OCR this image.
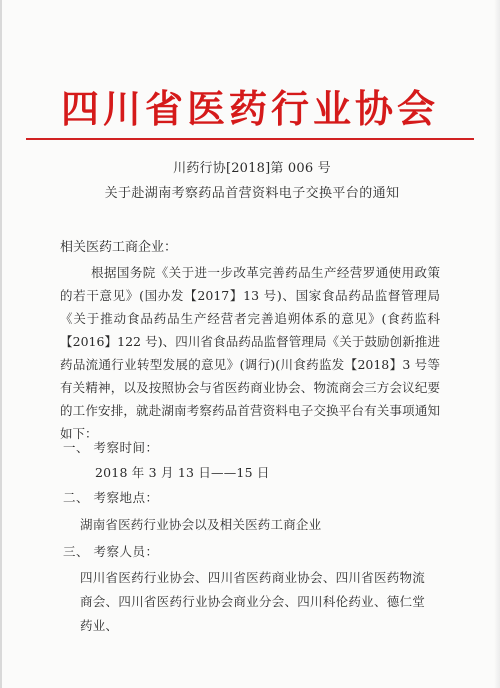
四川省医药行业协会
川药行协[2018]第 006 号
关于赴湖南考察药品首营资料电子交换平台的通知
相关医药工商企业：
根据国务院《关于进一步改革完善药品生产经营罗通使用政策的若干意见》(国办发【2017】13 号)、国家食品药品监督管理局《关于推动食品药品生产经营者完善追朔体系的意见》(食药监科【2016】122 号)、四川省食品药品监督管理局《关于鼓励创新推进药品流通行业转型发展的意见》(调行)(川食药监发【2018】3 号等有关精神，以及按照协会与省医药商业协会、物流商会三方会议纪要的工作安排，就赴湖南考察药品首营资料电子交换平台有关事项通知如下：
一、 考察时间：
2018 年 3 月 13 日——15 日
二、 考察地点：
湖南省医药行业协会以及相关医药工商企业
三、 考察人员：
四川省医药行业协会、四川省医药商业协会、四川省医药物流商会、四川省医药行业协会商业分会、四川科伦药业、德仁堂药业、
